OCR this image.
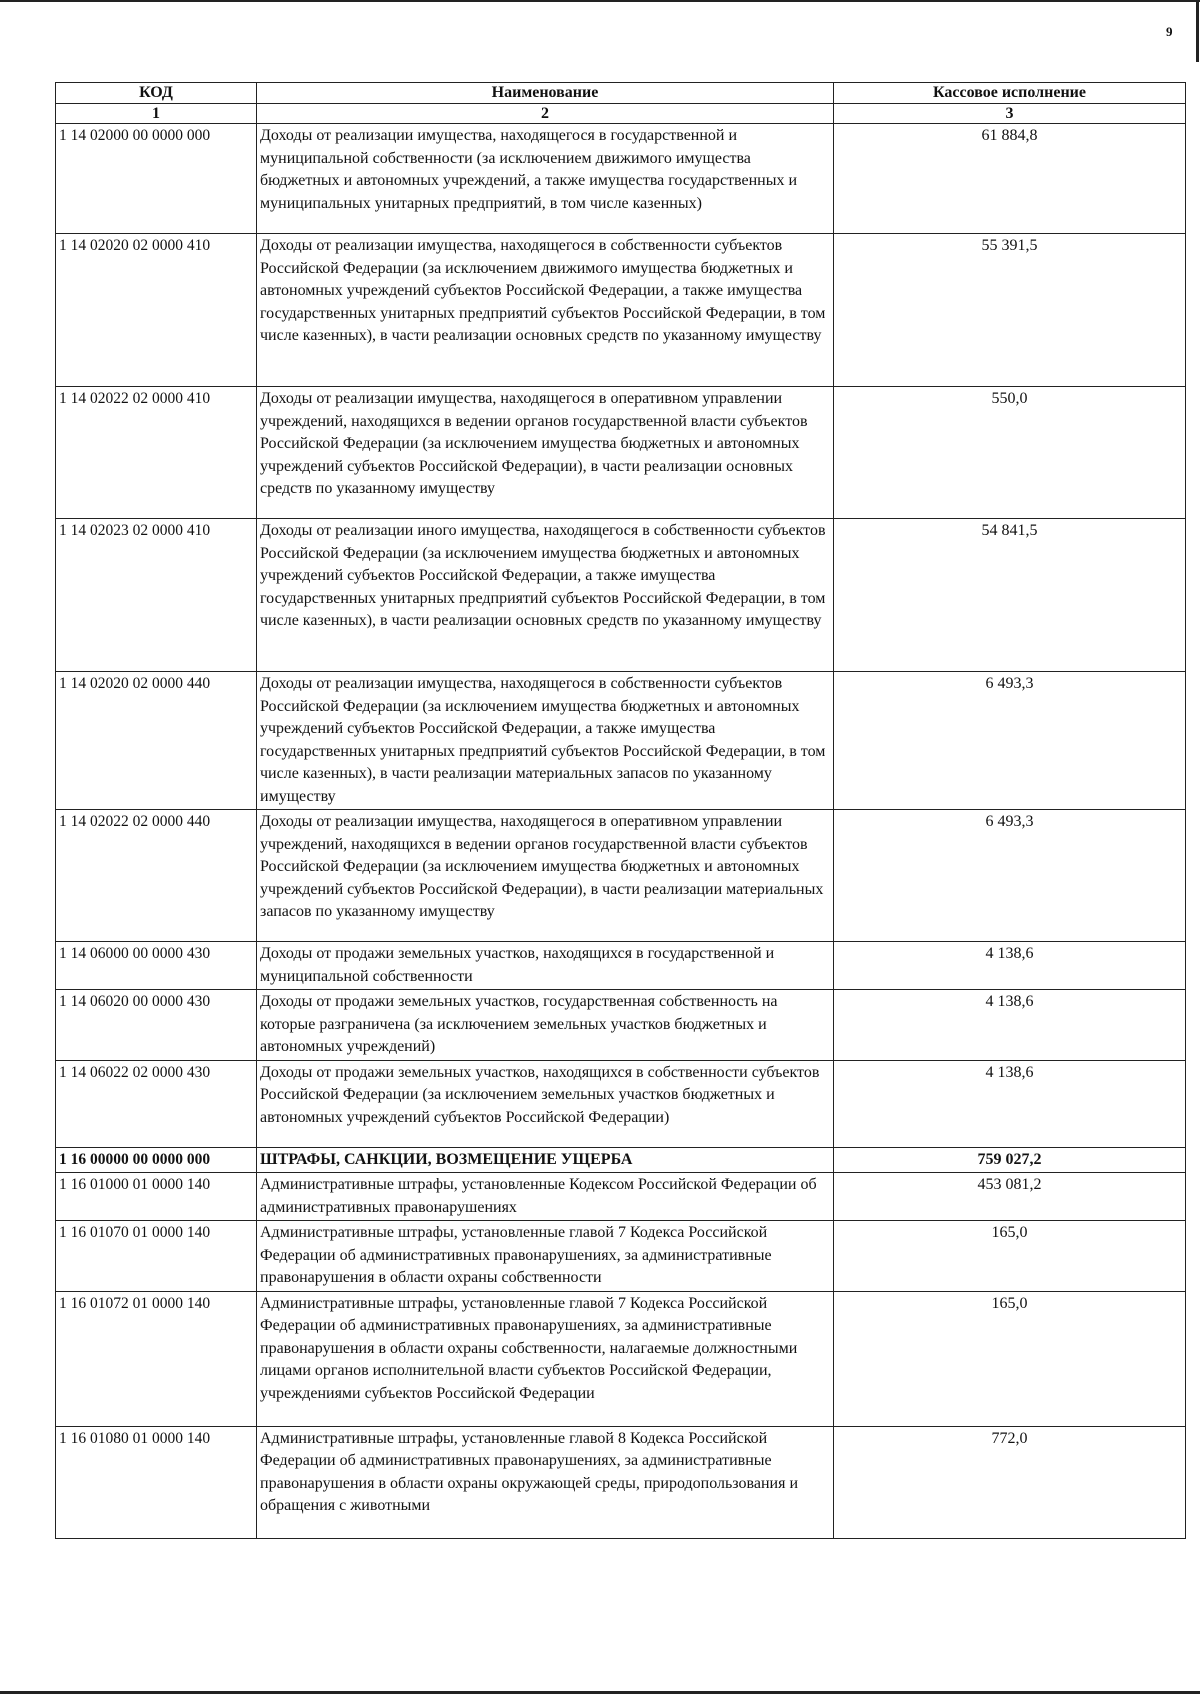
9
КОД	Наименование	Кассовое исполнение
1	2	3
1 14 02000 00 0000 000	Доходы от реализации имущества, находящегося в государственной и муниципальной собственности (за исключением движимого имущества бюджетных и автономных учреждений, а также имущества государственных и муниципальных унитарных предприятий, в том числе казенных)	61 884,8
1 14 02020 02 0000 410	Доходы от реализации имущества, находящегося в собственности субъектов Российской Федерации (за исключением движимого имущества бюджетных и автономных учреждений субъектов Российской Федерации, а также имущества государственных унитарных предприятий субъектов Российской Федерации, в том числе казенных), в части реализации основных средств по указанному имуществу	55 391,5
1 14 02022 02 0000 410	Доходы от реализации имущества, находящегося в оперативном управлении учреждений, находящихся в ведении органов государственной власти субъектов Российской Федерации (за исключением имущества бюджетных и автономных учреждений субъектов Российской Федерации), в части реализации основных средств по указанному имуществу	550,0
1 14 02023 02 0000 410	Доходы от реализации иного имущества, находящегося в собственности субъектов Российской Федерации (за исключением имущества бюджетных и автономных учреждений субъектов Российской Федерации, а также имущества государственных унитарных предприятий субъектов Российской Федерации, в том числе казенных), в части реализации основных средств по указанному имуществу	54 841,5
1 14 02020 02 0000 440	Доходы от реализации имущества, находящегося в собственности субъектов Российской Федерации (за исключением имущества бюджетных и автономных учреждений субъектов Российской Федерации, а также имущества государственных унитарных предприятий субъектов Российской Федерации, в том числе казенных), в части реализации материальных запасов по указанному имуществу	6 493,3
1 14 02022 02 0000 440	Доходы от реализации имущества, находящегося в оперативном управлении учреждений, находящихся в ведении органов государственной власти субъектов Российской Федерации (за исключением имущества бюджетных и автономных учреждений субъектов Российской Федерации), в части реализации материальных запасов по указанному имуществу	6 493,3
1 14 06000 00 0000 430	Доходы от продажи земельных участков, находящихся в государственной и муниципальной собственности	4 138,6
1 14 06020 00 0000 430	Доходы от продажи земельных участков, государственная собственность на которые разграничена (за исключением земельных участков бюджетных и автономных учреждений)	4 138,6
1 14 06022 02 0000 430	Доходы от продажи земельных участков, находящихся в собственности субъектов Российской Федерации (за исключением земельных участков бюджетных и автономных учреждений субъектов Российской Федерации)	4 138,6
1 16 00000 00 0000 000	ШТРАФЫ, САНКЦИИ, ВОЗМЕЩЕНИЕ УЩЕРБА	759 027,2
1 16 01000 01 0000 140	Административные штрафы, установленные Кодексом Российской Федерации об административных правонарушениях	453 081,2
1 16 01070 01 0000 140	Административные штрафы, установленные главой 7 Кодекса Российской Федерации об административных правонарушениях, за административные правонарушения в области охраны собственности	165,0
1 16 01072 01 0000 140	Административные штрафы, установленные главой 7 Кодекса Российской Федерации об административных правонарушениях, за административные правонарушения в области охраны собственности, налагаемые должностными лицами органов исполнительной власти субъектов Российской Федерации, учреждениями субъектов Российской Федерации	165,0
1 16 01080 01 0000 140	Административные штрафы, установленные главой 8 Кодекса Российской Федерации об административных правонарушениях, за административные правонарушения в области охраны окружающей среды, природопользования и обращения с животными	772,0
